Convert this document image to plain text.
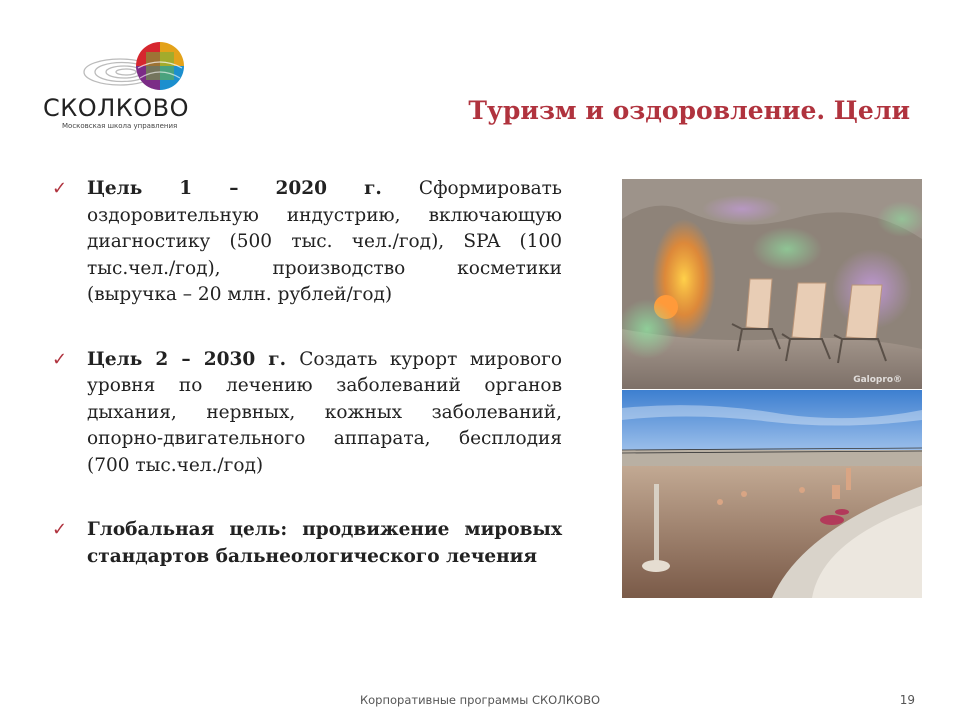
СКОЛКОВО
Московская школа управления
Туризм и оздоровление. Цели
✓	Цель 1 – 2020 г. Сформировать оздоровительную индустрию, включающую диагностику (500 тыс. чел./год), SPA (100 тыс.чел./год), производство косметики (выручка – 20 млн. рублей/год)
✓	Цель 2 – 2030 г. Создать курорт мирового уровня по лечению заболеваний органов дыхания, нервных, кожных заболеваний, опорно-двигательного аппарата, бесплодия (700 тыс.чел./год)
✓	Глобальная цель: продвижение мировых стандартов бальнеологического лечения
Galopro®
Корпоративные программы СКОЛКОВО	19
